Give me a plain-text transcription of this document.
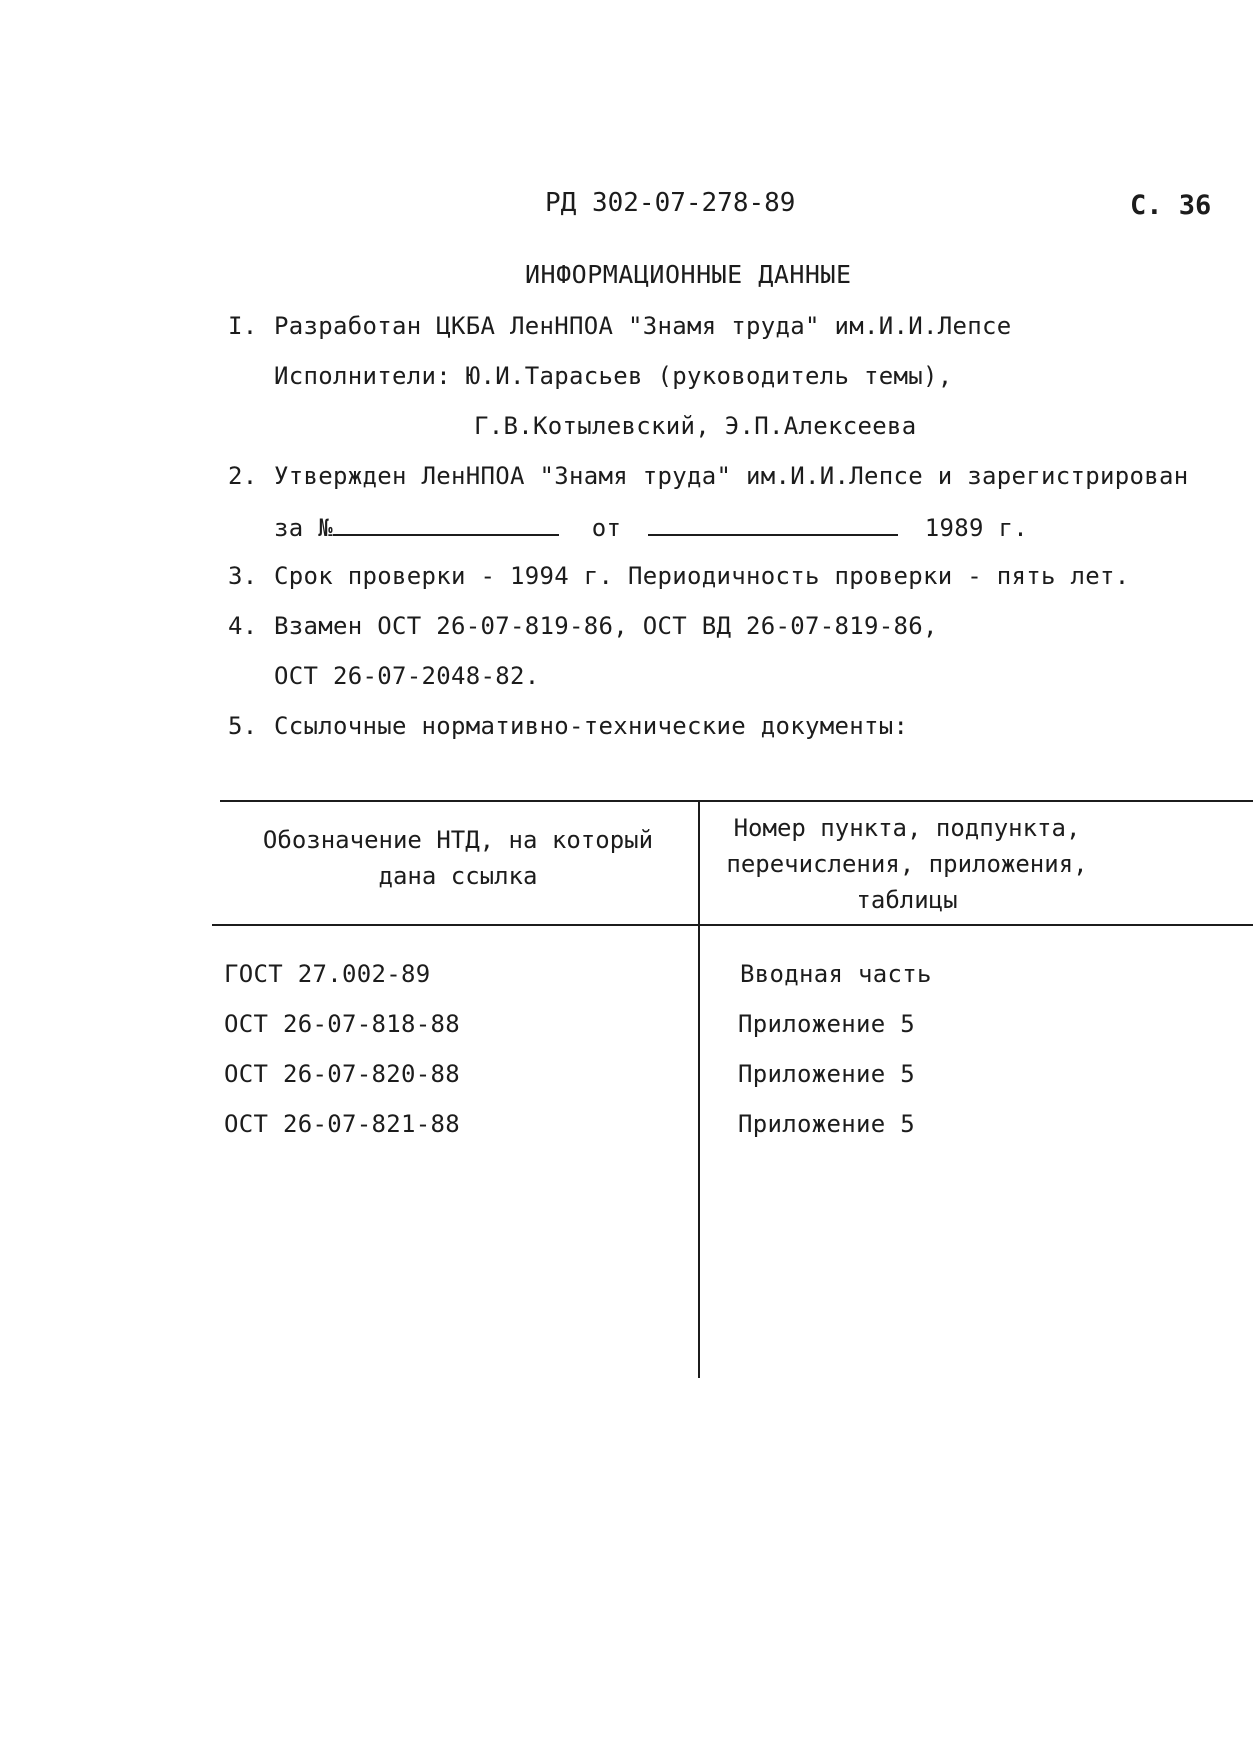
РД 302-07-278-89	С. 36
ИНФОРМАЦИОННЫЕ ДАННЫЕ
I. Разработан ЦКБА ЛенНПОА "Знамя труда" им.И.И.Лепсе
Исполнители: Ю.И.Тарасьев (руководитель темы),
Г.В.Котылевский, Э.П.Алексеева
2. Утвержден ЛенНПОА "Знамя труда" им.И.И.Лепсе и зарегистрирован
за №	от	1989 г.
3. Срок проверки - 1994 г. Периодичность проверки - пять лет.
4. Взамен ОСТ 26-07-819-86, ОСТ ВД 26-07-819-86,
ОСТ 26-07-2048-82.
5. Ссылочные нормативно-технические документы:
Обозначение НТД, на который
дана ссылка
Номер пункта, подпункта,
перечисления, приложения,
таблицы
ГОСТ 27.002-89	Вводная часть
ОСТ 26-07-818-88	Приложение 5
ОСТ 26-07-820-88	Приложение 5
ОСТ 26-07-821-88	Приложение 5
